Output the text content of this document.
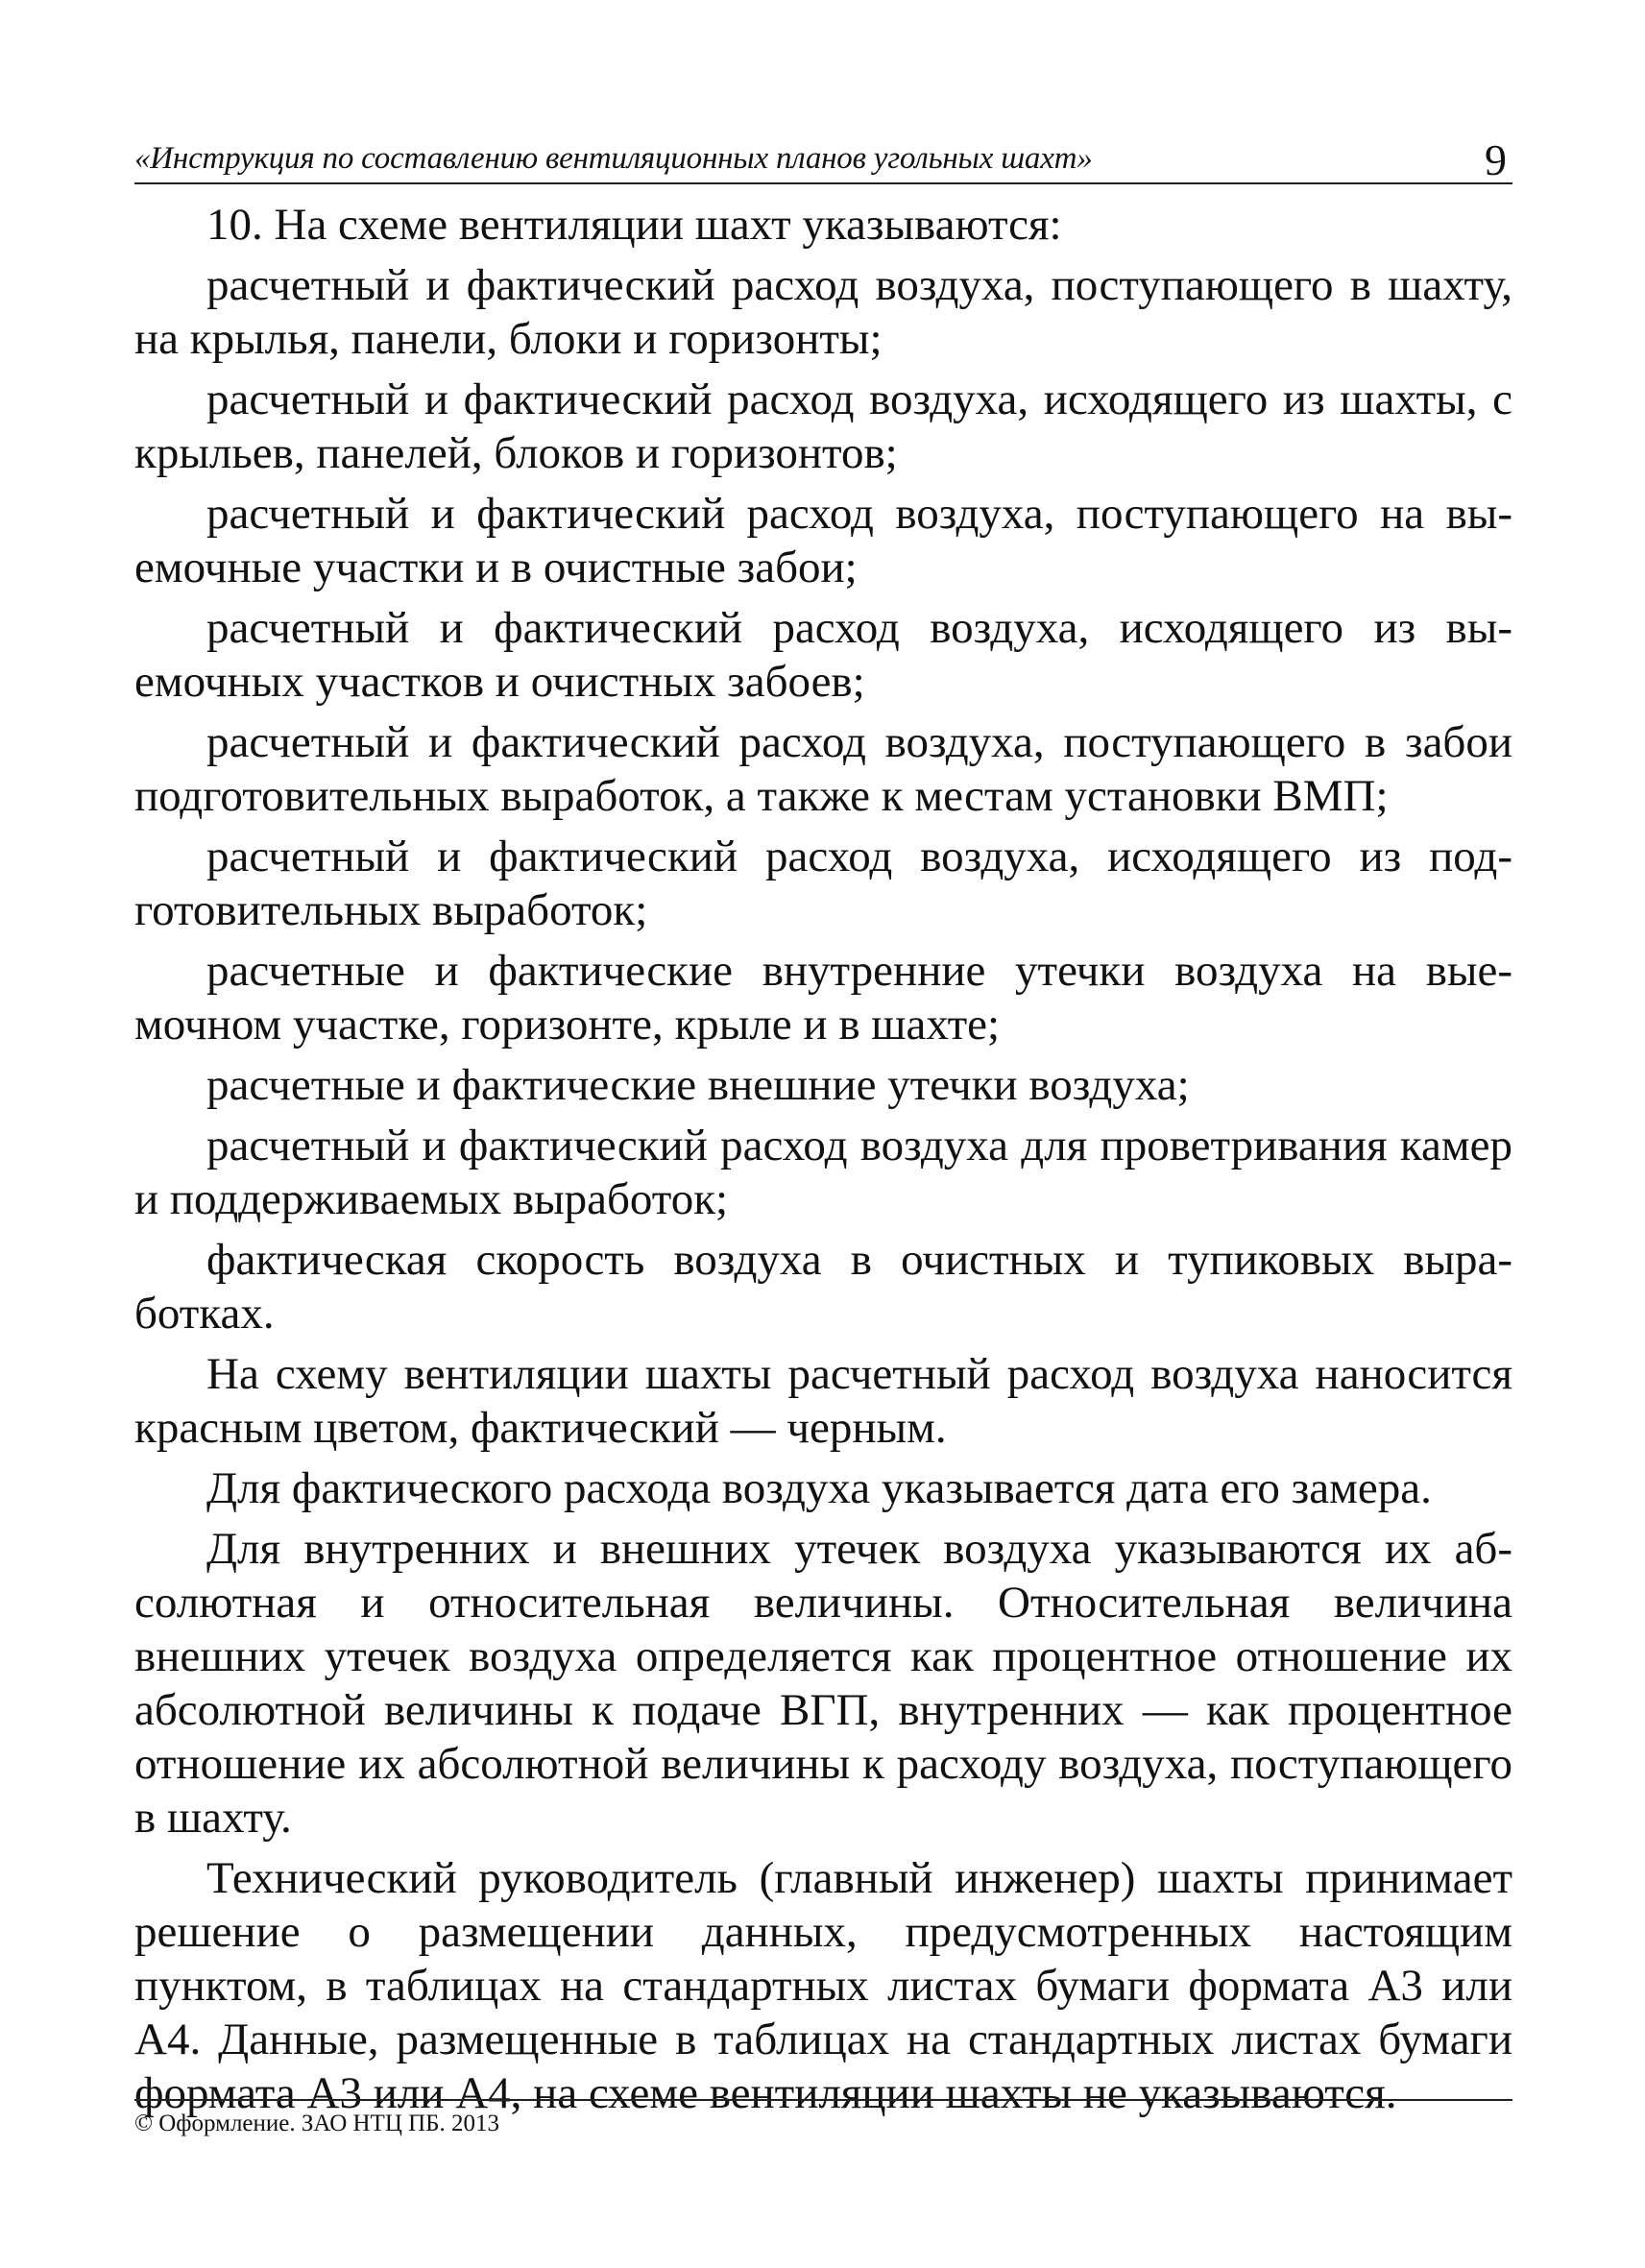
«Инструкция по составлению вентиляционных планов угольных шахт»	9

10. На схеме вентиляции шахт указываются:

расчетный и фактический расход воздуха, поступающего в шахту, на крылья, панели, блоки и горизонты;

расчетный и фактический расход воздуха, исходящего из шахты, с крыльев, панелей, блоков и горизонтов;

расчетный и фактический расход воздуха, поступающего на выемочные участки и в очистные забои;

расчетный и фактический расход воздуха, исходящего из выемочных участков и очистных забоев;

расчетный и фактический расход воздуха, поступающего в забои подготовительных выработок, а также к местам установки ВМП;

расчетный и фактический расход воздуха, исходящего из подготовительных выработок;

расчетные и фактические внутренние утечки воздуха на выемочном участке, горизонте, крыле и в шахте;

расчетные и фактические внешние утечки воздуха;

расчетный и фактический расход воздуха для проветривания камер и поддерживаемых выработок;

фактическая скорость воздуха в очистных и тупиковых выработках.

На схему вентиляции шахты расчетный расход воздуха наносится красным цветом, фактический — черным.

Для фактического расхода воздуха указывается дата его замера.

Для внутренних и внешних утечек воздуха указываются их абсолютная и относительная величины. Относительная величина внешних утечек воздуха определяется как процентное отношение их абсолютной величины к подаче ВГП, внутренних — как процентное отношение их абсолютной величины к расходу воздуха, поступающего в шахту.

Технический руководитель (главный инженер) шахты принимает решение о размещении данных, предусмотренных настоящим пунктом, в таблицах на стандартных листах бумаги формата А3 или А4. Данные, размещенные в таблицах на стандартных листах бумаги формата А3 или А4, на схеме вентиляции шахты не указываются.

© Оформление. ЗАО НТЦ ПБ. 2013
